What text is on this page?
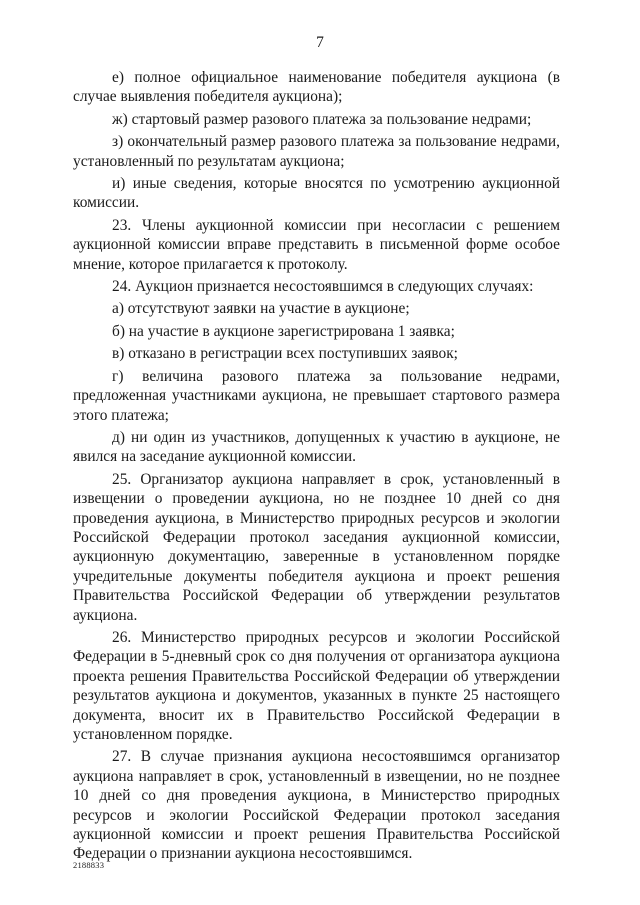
7

е) полное официальное наименование победителя аукциона (в случае выявления победителя аукциона);

ж) стартовый размер разового платежа за пользование недрами;

з) окончательный размер разового платежа за пользование недрами, установленный по результатам аукциона;

и) иные сведения, которые вносятся по усмотрению аукционной комиссии.

23. Члены аукционной комиссии при несогласии с решением аукционной комиссии вправе представить в письменной форме особое мнение, которое прилагается к протоколу.

24. Аукцион признается несостоявшимся в следующих случаях:

а) отсутствуют заявки на участие в аукционе;

б) на участие в аукционе зарегистрирована 1 заявка;

в) отказано в регистрации всех поступивших заявок;

г) величина разового платежа за пользование недрами, предложенная участниками аукциона, не превышает стартового размера этого платежа;

д) ни один из участников, допущенных к участию в аукционе, не явился на заседание аукционной комиссии.

25. Организатор аукциона направляет в срок, установленный в извещении о проведении аукциона, но не позднее 10 дней со дня проведения аукциона, в Министерство природных ресурсов и экологии Российской Федерации протокол заседания аукционной комиссии, аукционную документацию, заверенные в установленном порядке учредительные документы победителя аукциона и проект решения Правительства Российской Федерации об утверждении результатов аукциона.

26. Министерство природных ресурсов и экологии Российской Федерации в 5-дневный срок со дня получения от организатора аукциона проекта решения Правительства Российской Федерации об утверждении результатов аукциона и документов, указанных в пункте 25 настоящего документа, вносит их в Правительство Российской Федерации в установленном порядке.

27. В случае признания аукциона несостоявшимся организатор аукциона направляет в срок, установленный в извещении, но не позднее 10 дней со дня проведения аукциона, в Министерство природных ресурсов и экологии Российской Федерации протокол заседания аукционной комиссии и проект решения Правительства Российской Федерации о признании аукциона несостоявшимся.

2188833
